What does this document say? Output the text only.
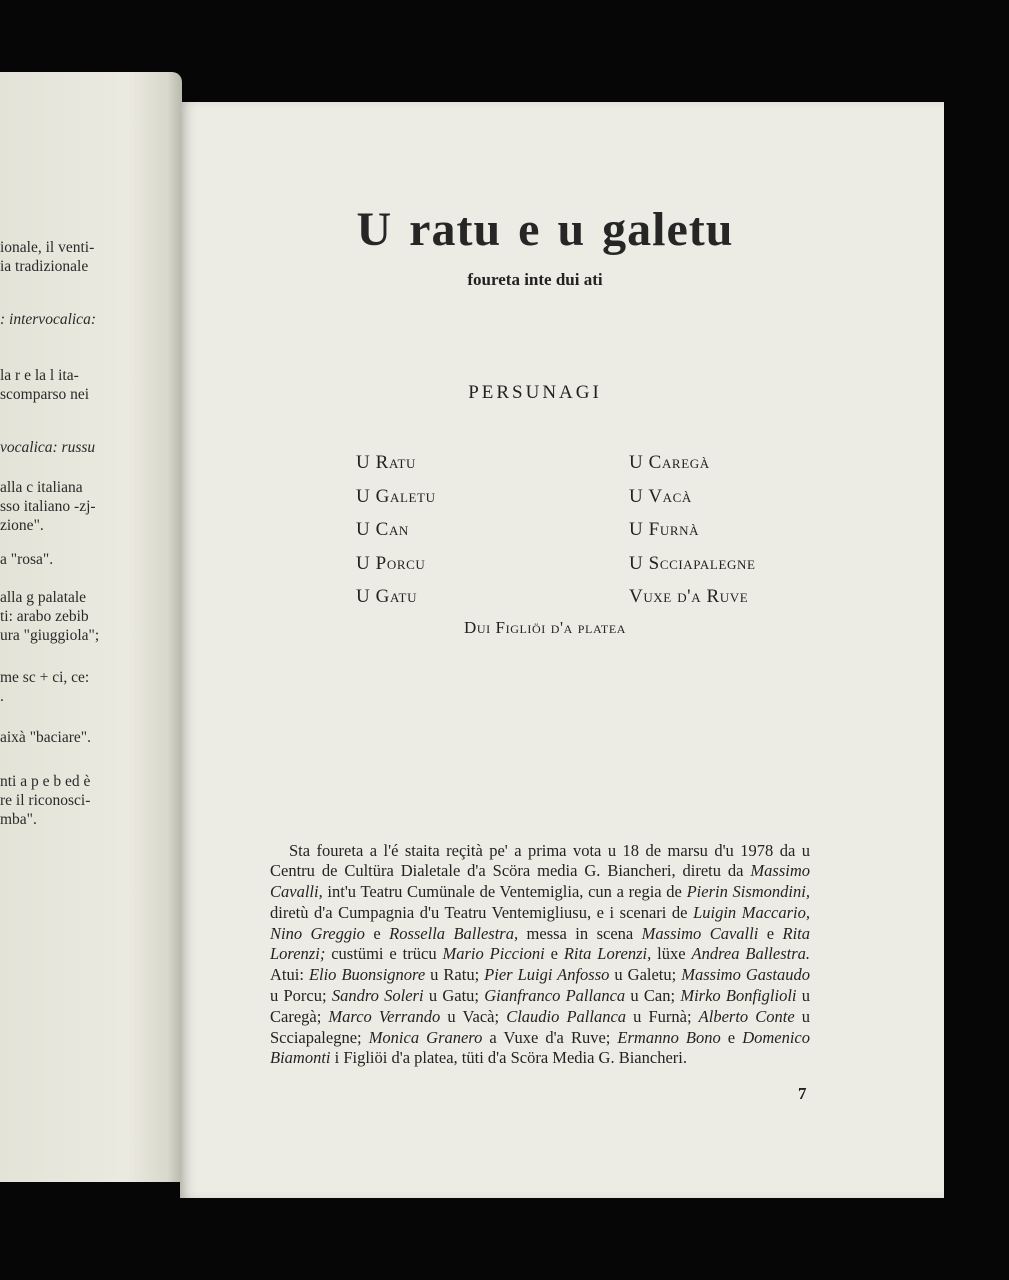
ionale, il venti-
ia tradizionale
: intervocalica:
la r e la l ita-
scomparso nei
vocalica: russu
alla c italiana
sso italiano -zj-
zione".
a "rosa".
alla g palatale
ti: arabo zebib
ura "giuggiola";
me sc + ci, ce:
.
aixà "baciare".
nti a p e b ed è
re il riconosci-
mba".
U ratu e u galetu
foureta inte dui ati
PERSUNAGI
U Ratu
U Galetu
U Can
U Porcu
U Gatu
U Caregà
U Vacà
U Furnà
U Scciapalegne
Vuxe d'a Ruve
Dui Figliöi d'a platea

Sta foureta a l'é staita reçità pe' a prima vota u 18 de marsu d'u 1978 da u Centru de Cultüra Dialetale d'a Scöra media G. Biancheri, diretu da Massimo Cavalli, int'u Teatru Cumünale de Ventemiglia, cun a regia de Pierin Sismondini, diretù d'a Cumpagnia d'u Teatru Ventemigliusu, e i scenari de Luigin Maccario, Nino Greggio e Rossella Ballestra, messa in scena Massimo Cavalli e Rita Lorenzi; custümi e trücu Mario Piccioni e Rita Lorenzi, lüxe Andrea Ballestra. Atui: Elio Buonsignore u Ratu; Pier Luigi Anfosso u Galetu; Massimo Gastaudo u Porcu; Sandro Soleri u Gatu; Gianfranco Pallanca u Can; Mirko Bonfiglioli u Caregà; Marco Verrando u Vacà; Claudio Pallanca u Furnà; Alberto Conte u Scciapalegne; Monica Granero a Vuxe d'a Ruve; Ermanno Bono e Domenico Biamonti i Figliöi d'a platea, tüti d'a Scöra Media G. Biancheri.

7
